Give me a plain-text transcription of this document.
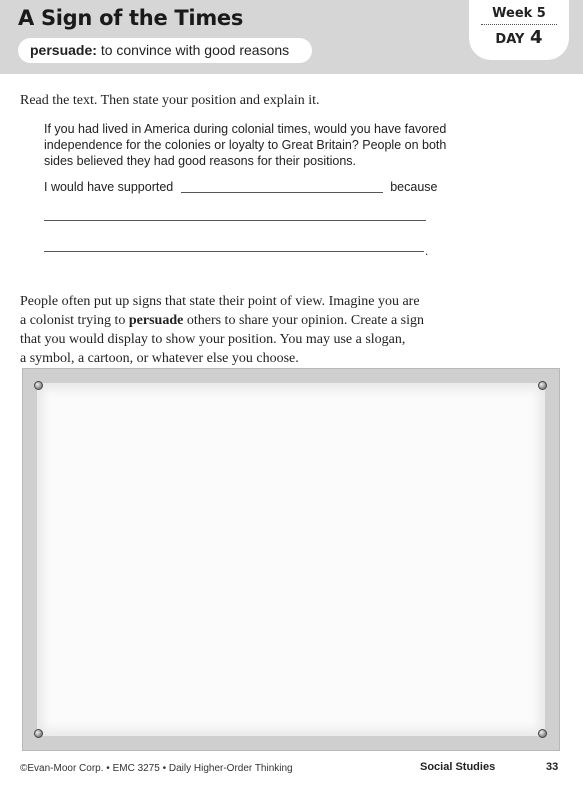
A Sign of the Times
persuade: to convince with good reasons
Week 5
DAY 4
Read the text. Then state your position and explain it.

If you had lived in America during colonial times, would you have favored

independence for the colonies or loyalty to Great Britain? People on both

sides believed they had good reasons for their positions.

I would have supported	because
.

People often put up signs that state their point of view. Imagine you are

a colonist trying to persuade others to share your opinion. Create a sign

that you would display to show your position. You may use a slogan,

a symbol, a cartoon, or whatever else you choose.

©Evan-Moor Corp. • EMC 3275 • Daily Higher-Order Thinking	Social Studies	33
